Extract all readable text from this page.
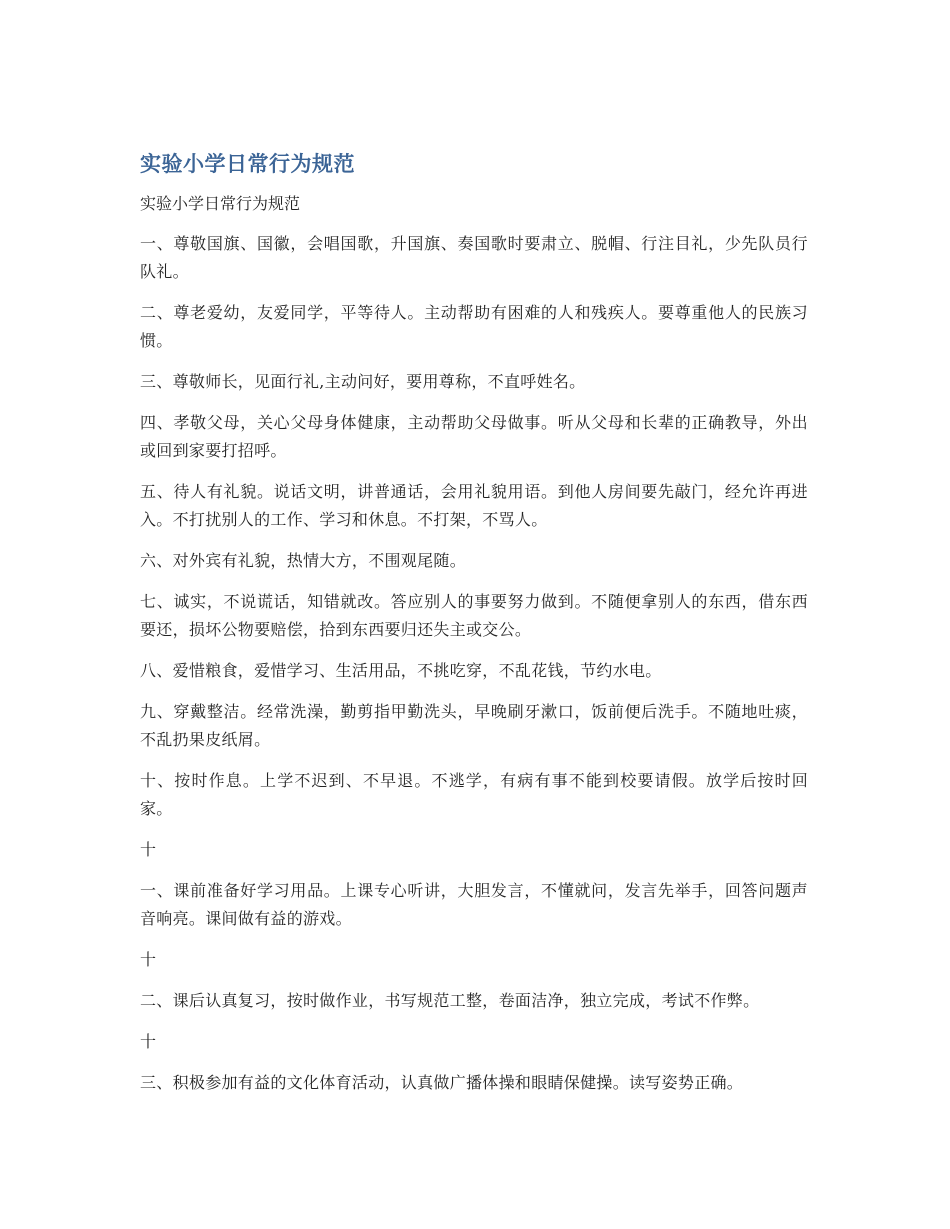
实验小学日常行为规范

实验小学日常行为规范

一、尊敬国旗、国徽，会唱国歌，升国旗、奏国歌时要肃立、脱帽、行注目礼，少先队员行队礼。

二、尊老爱幼，友爱同学，平等待人。主动帮助有困难的人和残疾人。要尊重他人的民族习惯。

三、尊敬师长，见面行礼,主动问好，要用尊称，不直呼姓名。

四、孝敬父母，关心父母身体健康，主动帮助父母做事。听从父母和长辈的正确教导，外出或回到家要打招呼。

五、待人有礼貌。说话文明，讲普通话，会用礼貌用语。到他人房间要先敲门，经允许再进入。不打扰别人的工作、学习和休息。不打架，不骂人。

六、对外宾有礼貌，热情大方，不围观尾随。

七、诚实，不说谎话，知错就改。答应别人的事要努力做到。不随便拿别人的东西，借东西要还，损坏公物要赔偿，拾到东西要归还失主或交公。

八、爱惜粮食，爱惜学习、生活用品，不挑吃穿，不乱花钱，节约水电。

九、穿戴整洁。经常洗澡，勤剪指甲勤洗头，早晚刷牙漱口，饭前便后洗手。不随地吐痰，不乱扔果皮纸屑。

十、按时作息。上学不迟到、不早退。不逃学，有病有事不能到校要请假。放学后按时回家。

十

一、课前准备好学习用品。上课专心听讲，大胆发言，不懂就问，发言先举手，回答问题声音响亮。课间做有益的游戏。

十

二、课后认真复习，按时做作业，书写规范工整，卷面洁净，独立完成，考试不作弊。

十

三、积极参加有益的文化体育活动，认真做广播体操和眼睛保健操。读写姿势正确。
